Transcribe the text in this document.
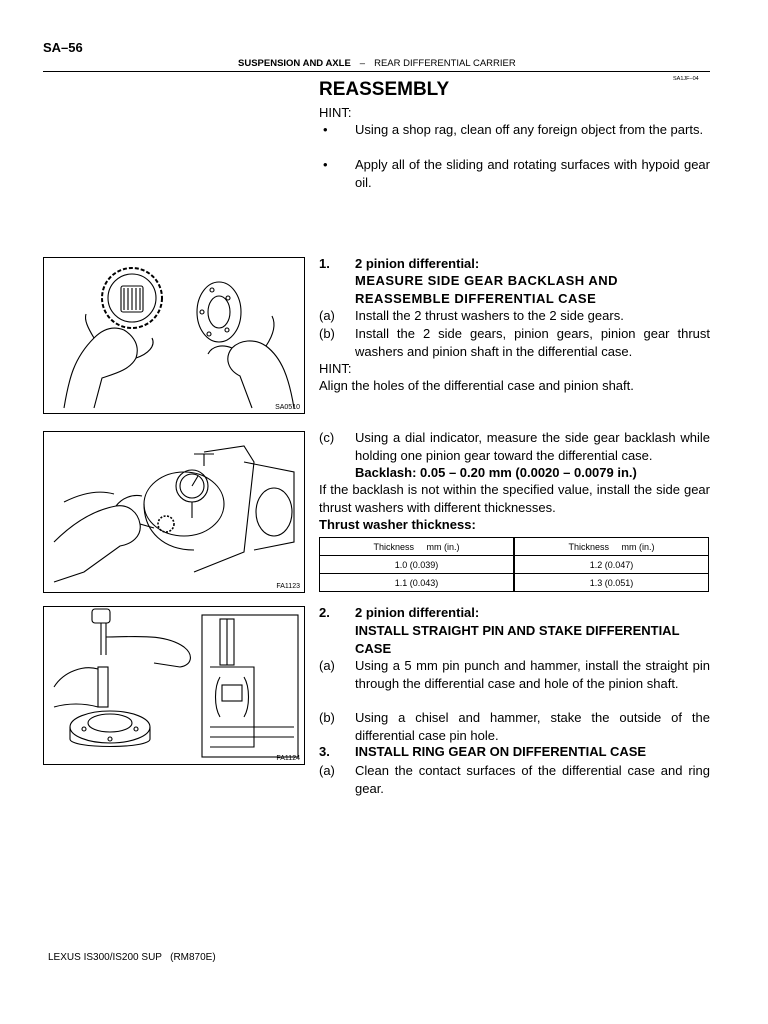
SA–56
SUSPENSION AND AXLE – REAR DIFFERENTIAL CARRIER
SA1JF–04
REASSEMBLY
HINT:
• Using a shop rag, clean off any foreign object from the parts.
• Apply all of the sliding and rotating surfaces with hypoid gear oil.
SA0510
1. 2 pinion differential:
MEASURE SIDE GEAR BACKLASH AND REASSEMBLE DIFFERENTIAL CASE
(a) Install the 2 thrust washers to the 2 side gears.
(b) Install the 2 side gears, pinion gears, pinion gear thrust washers and pinion shaft in the differential case.
HINT:
Align the holes of the differential case and pinion shaft.
FA1123
(c) Using a dial indicator, measure the side gear backlash while holding one pinion gear toward the differential case.
Backlash: 0.05 – 0.20 mm (0.0020 – 0.0079 in.)
If the backlash is not within the specified value, install the side gear thrust washers with different thicknesses.
Thrust washer thickness:
Thickness     mm (in.)	Thickness     mm (in.)
1.0 (0.039)	1.2 (0.047)
1.1 (0.043)	1.3 (0.051)
FA1124
2. 2 pinion differential:
INSTALL STRAIGHT PIN AND STAKE DIFFERENTIAL CASE
(a) Using a 5 mm pin punch and hammer, install the straight pin through the differential case and hole of the pinion shaft.
(b) Using a chisel and hammer, stake the outside of the differential case pin hole.
3. INSTALL RING GEAR ON DIFFERENTIAL CASE
(a) Clean the contact surfaces of the differential case and ring gear.
LEXUS IS300/IS200 SUP   (RM870E)
